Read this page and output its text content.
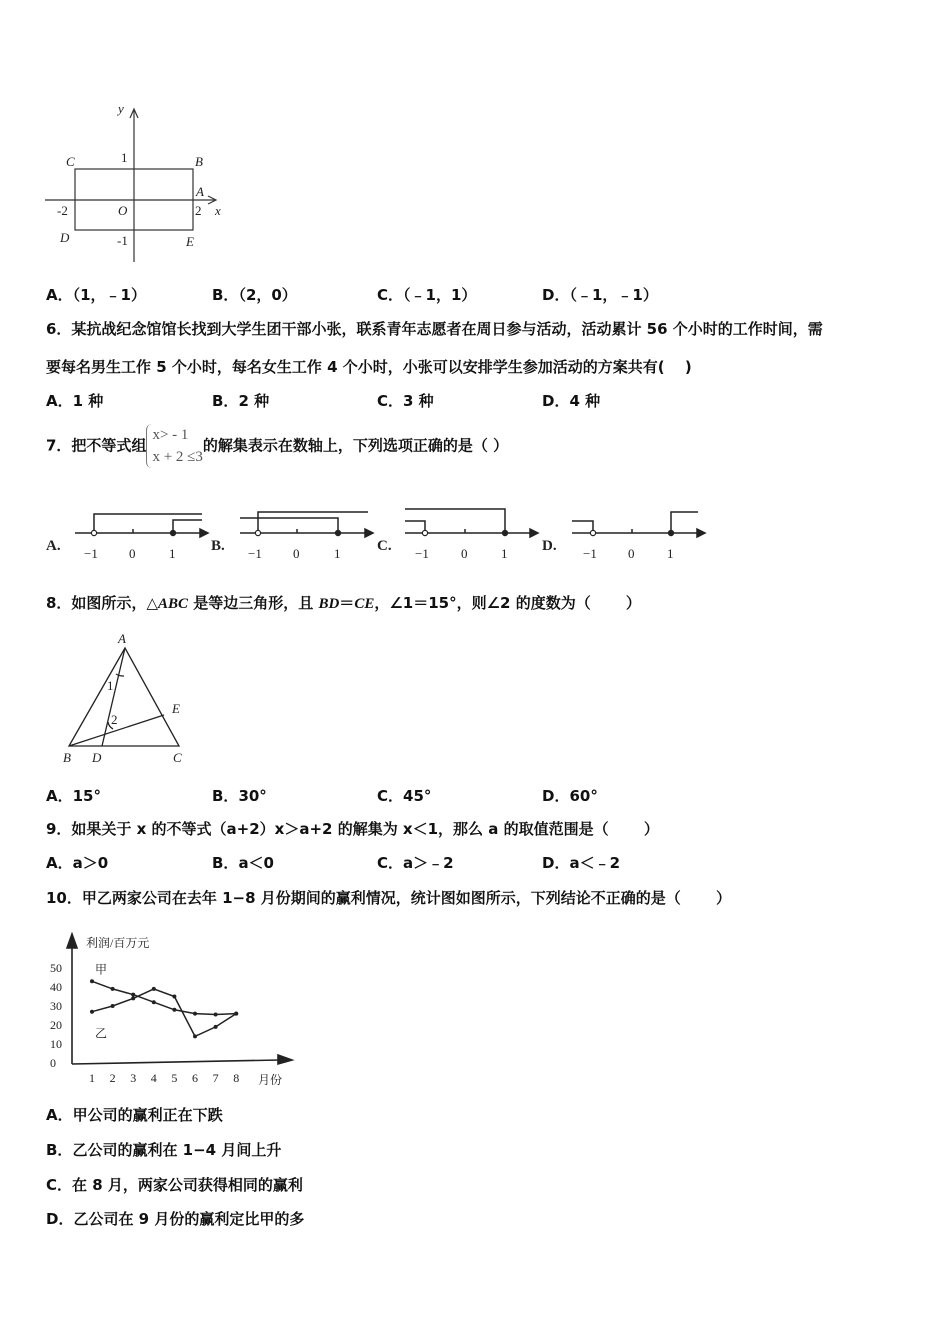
y
x
C	B
A
D	E
O
1
-1
2
-2
A．（1，﹣1）	B．（2，0）	C．（﹣1，1）	D．（﹣1，﹣1）
6．某抗战纪念馆馆长找到大学生团干部小张，联系青年志愿者在周日参与活动，活动累计 56 个小时的工作时间，需
要每名男生工作 5 个小时，每名女生工作 4 个小时，小张可以安排学生参加活动的方案共有(　 )
A．1 种	B．2 种	C．3 种	D．4 种
7．把不等式组x> - 1
x + 2 ≤3的解集表示在数轴上，下列选项正确的是（ ）
A.	B.	C.	D.
−1 0	1	−1 0	1	−1 0	1	−1 0	1
8．如图所示，△ABC 是等边三角形，且 BD＝CE，∠1＝15°，则∠2 的度数为（　　 ）
A
B D	C
E
1
2
A．15°	B．30°	C．45°	D．60°
9．如果关于 x 的不等式（a+2）x＞a+2 的解集为 x＜1，那么 a 的取值范围是（　　 ）
A．a＞0	B．a＜0	C．a＞﹣2	D．a＜﹣2
10．甲乙两家公司在去年 1−8 月份期间的赢利情况，统计图如图所示，下列结论不正确的是（　　 ）
利润/百万元
月份
0
10
20
30
40
50
1 2 3 4 5 6 7 8
甲
乙
A．甲公司的赢利正在下跌
B．乙公司的赢利在 1−4 月间上升
C．在 8 月，两家公司获得相同的赢利
D．乙公司在 9 月份的赢利定比甲的多
